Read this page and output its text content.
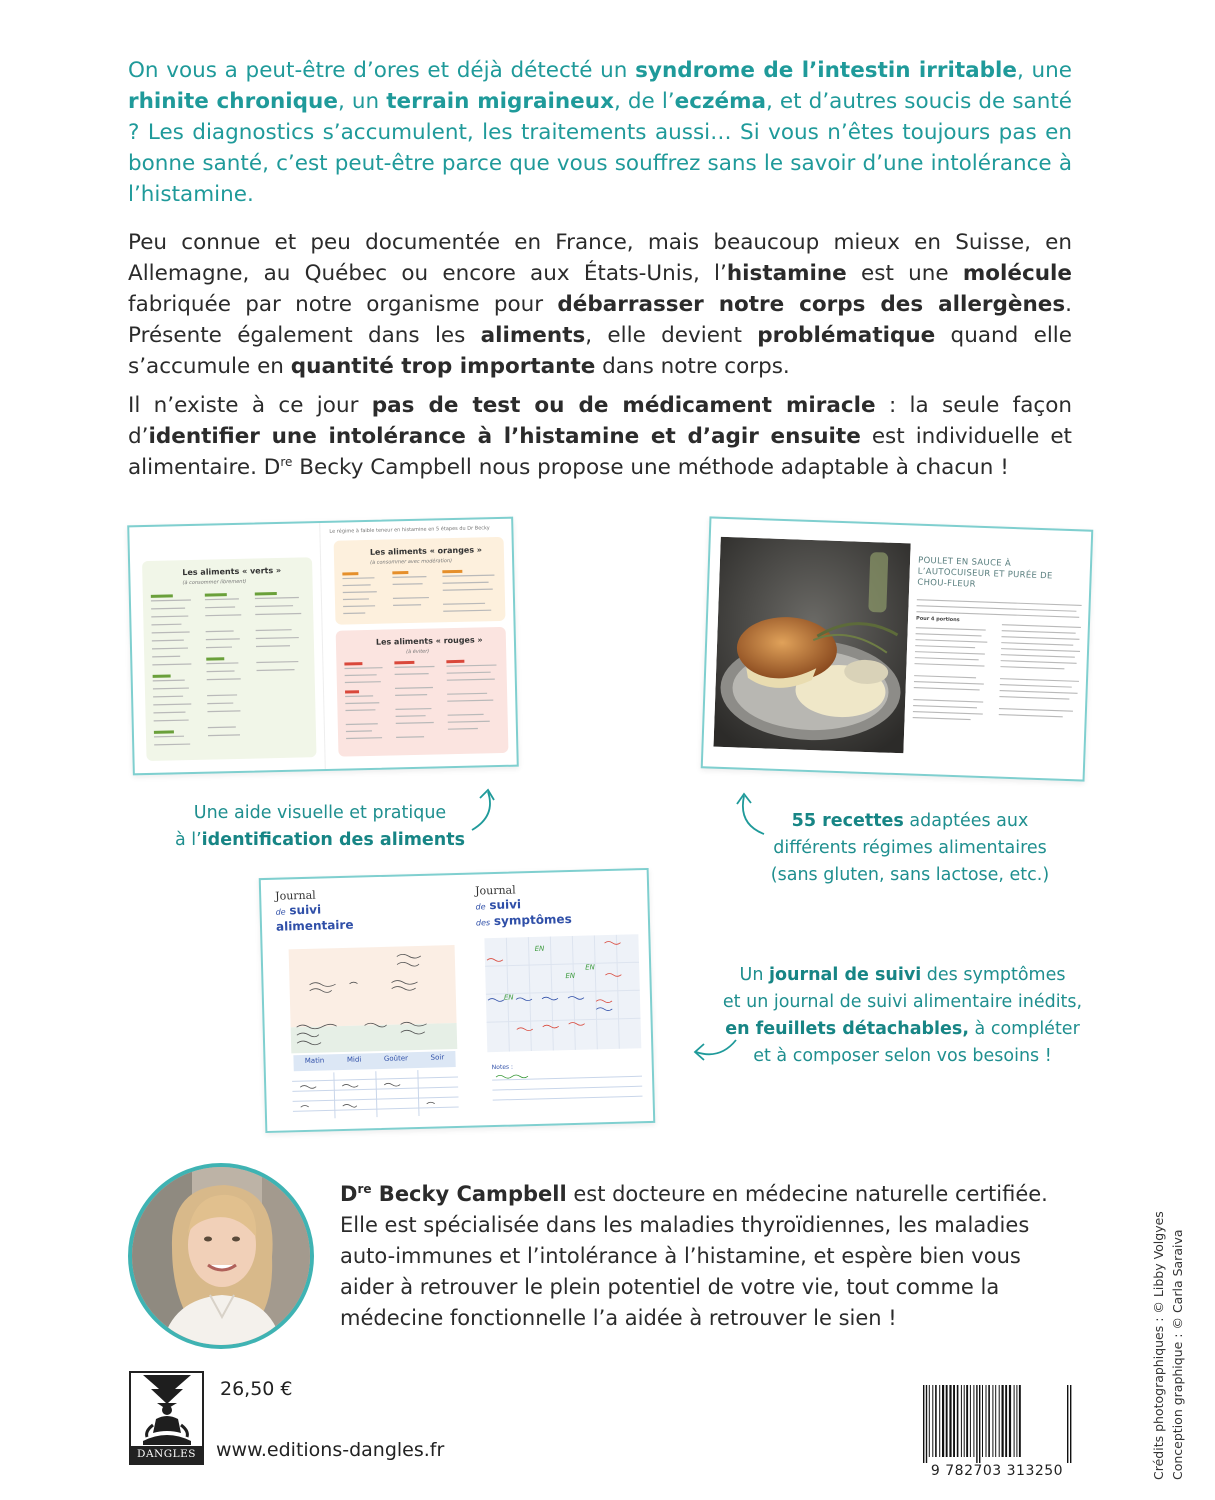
On vous a peut-être d’ores et déjà détecté un syndrome de l’intestin irritable, une rhinite chronique, un terrain migraineux, de l’eczéma, et d’autres soucis de santé ? Les diagnostics s’accumulent, les traitements aussi… Si vous n’êtes toujours pas en bonne santé, c’est peut-être parce que vous souffrez sans le savoir d’une intolérance à l’histamine.
Peu connue et peu documentée en France, mais beaucoup mieux en Suisse, en Allemagne, au Québec ou encore aux États-Unis, l’histamine est une molécule fabriquée par notre organisme pour débarrasser notre corps des allergènes. Présente également dans les aliments, elle devient problématique quand elle s’accumule en quantité trop importante dans notre corps.
Il n’existe à ce jour pas de test ou de médicament miracle : la seule façon d’identifier une intolérance à l’histamine et d’agir ensuite est individuelle et alimentaire. Dre Becky Campbell nous propose une méthode adaptable à chacun !
Le régime à faible teneur en histamine en 5 étapes du Dr Becky
Les aliments « verts »
(à consommer librement)
Les aliments « oranges »
(à consommer avec modération)
Les aliments « rouges »
(à éviter)
POULET EN SAUCE À L’AUTOCUISEUR ET PURÉE DE CHOU-FLEUR
Pour 4 portions
Journal
de suivi
alimentaire
Journal
de suivi
des symptômes
Matin	Midi	Goûter	Soir
EN
EN
EN
EN
Notes :
Une aide visuelle et pratique
à l’identification des aliments
55 recettes adaptées aux
différents régimes alimentaires
(sans gluten, sans lactose, etc.)
Un journal de suivi des symptômes
et un journal de suivi alimentaire inédits,
en feuillets détachables, à compléter
et à composer selon vos besoins !
Dre Becky Campbell est docteure en médecine naturelle certifiée. Elle est spécialisée dans les maladies thyroïdiennes, les maladies auto-immunes et l’intolérance à l’histamine, et espère bien vous aider à retrouver le plein potentiel de votre vie, tout comme la médecine fonctionnelle l’a aidée à retrouver le sien !
DANGLES
26,50 €
www.editions-dangles.fr
9 782703 313250	Crédits photographiques : © Libby Volgyes Conception graphique : © Carla Saraiva
